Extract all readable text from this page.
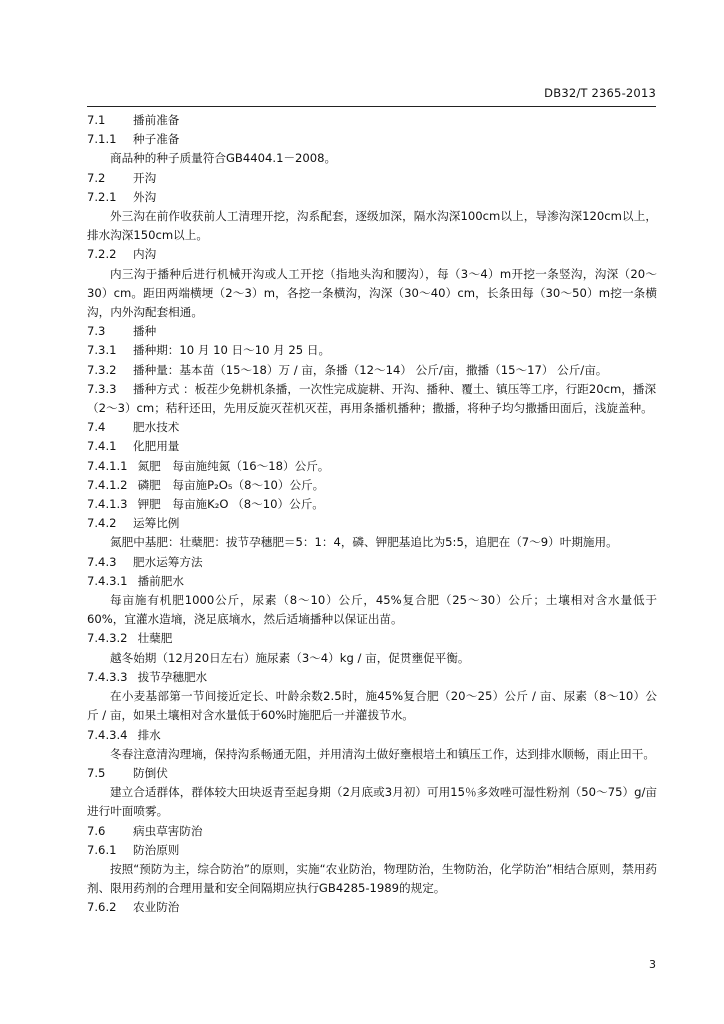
DB32/T 2365-2013

7.1 播前准备

7.1.1 种子准备

商品种的种子质量符合GB4404.1－2008。

7.2 开沟

7.2.1 外沟

外三沟在前作收获前人工清理开挖，沟系配套，逐级加深，隔水沟深100cm以上，导渗沟深120cm以上，排水沟深150cm以上。

7.2.2 内沟

内三沟于播种后进行机械开沟或人工开挖（指地头沟和腰沟），每（3～4）m开挖一条竖沟，沟深（20～30）cm。距田两端横埂（2～3）m，各挖一条横沟，沟深（30～40）cm，长条田每（30～50）m挖一条横沟，内外沟配套相通。

7.3 播种

7.3.1 播种期：10 月 10 日～10 月 25 日。

7.3.2 播种量：基本苗（15～18）万 / 亩，条播（12～14） 公斤/亩，撒播（15～17） 公斤/亩。

7.3.3 播种方式 ：板茬少免耕机条播，一次性完成旋耕、开沟、播种、覆土、镇压等工序，行距20cm，播深（2～3）cm；秸秆还田，先用反旋灭茬机灭茬，再用条播机播种；撒播，将种子均匀撒播田面后，浅旋盖种。

7.4 肥水技术

7.4.1 化肥用量

7.4.1.1 氮肥　每亩施纯氮（16～18）公斤。

7.4.1.2 磷肥　每亩施P₂O₅（8～10）公斤。

7.4.1.3 钾肥　每亩施K₂O （8～10）公斤。

7.4.2 运筹比例

氮肥中基肥：壮蘖肥：拔节孕穗肥＝5：1：4，磷、钾肥基追比为5:5，追肥在（7～9）叶期施用。

7.4.3 肥水运筹方法

7.4.3.1 播前肥水

每亩施有机肥1000公斤，尿素（8～10）公斤，45%复合肥（25～30）公斤；土壤相对含水量低于60%，宜灌水造墒，浇足底墒水，然后适墒播种以保证出苗。

7.4.3.2 壮蘖肥

越冬始期（12月20日左右）施尿素（3～4）kg / 亩，促贯壅促平衡。

7.4.3.3 拔节孕穗肥水

在小麦基部第一节间接近定长、叶龄余数2.5时，施45%复合肥（20～25）公斤 / 亩、尿素（8～10）公斤 / 亩，如果土壤相对含水量低于60%时施肥后一并灌拔节水。

7.4.3.4 排水

冬春注意清沟理墒，保持沟系畅通无阻，并用清沟土做好壅根培土和镇压工作，达到排水顺畅，雨止田干。

7.5 防倒伏

建立合适群体，群体较大田块返青至起身期（2月底或3月初）可用15％多效唑可湿性粉剂（50～75）g/亩进行叶面喷雾。

7.6 病虫草害防治

7.6.1 防治原则

按照“预防为主，综合防治”的原则，实施“农业防治，物理防治，生物防治，化学防治”相结合原则，禁用药剂、限用药剂的合理用量和安全间隔期应执行GB4285-1989的规定。

7.6.2 农业防治

3
